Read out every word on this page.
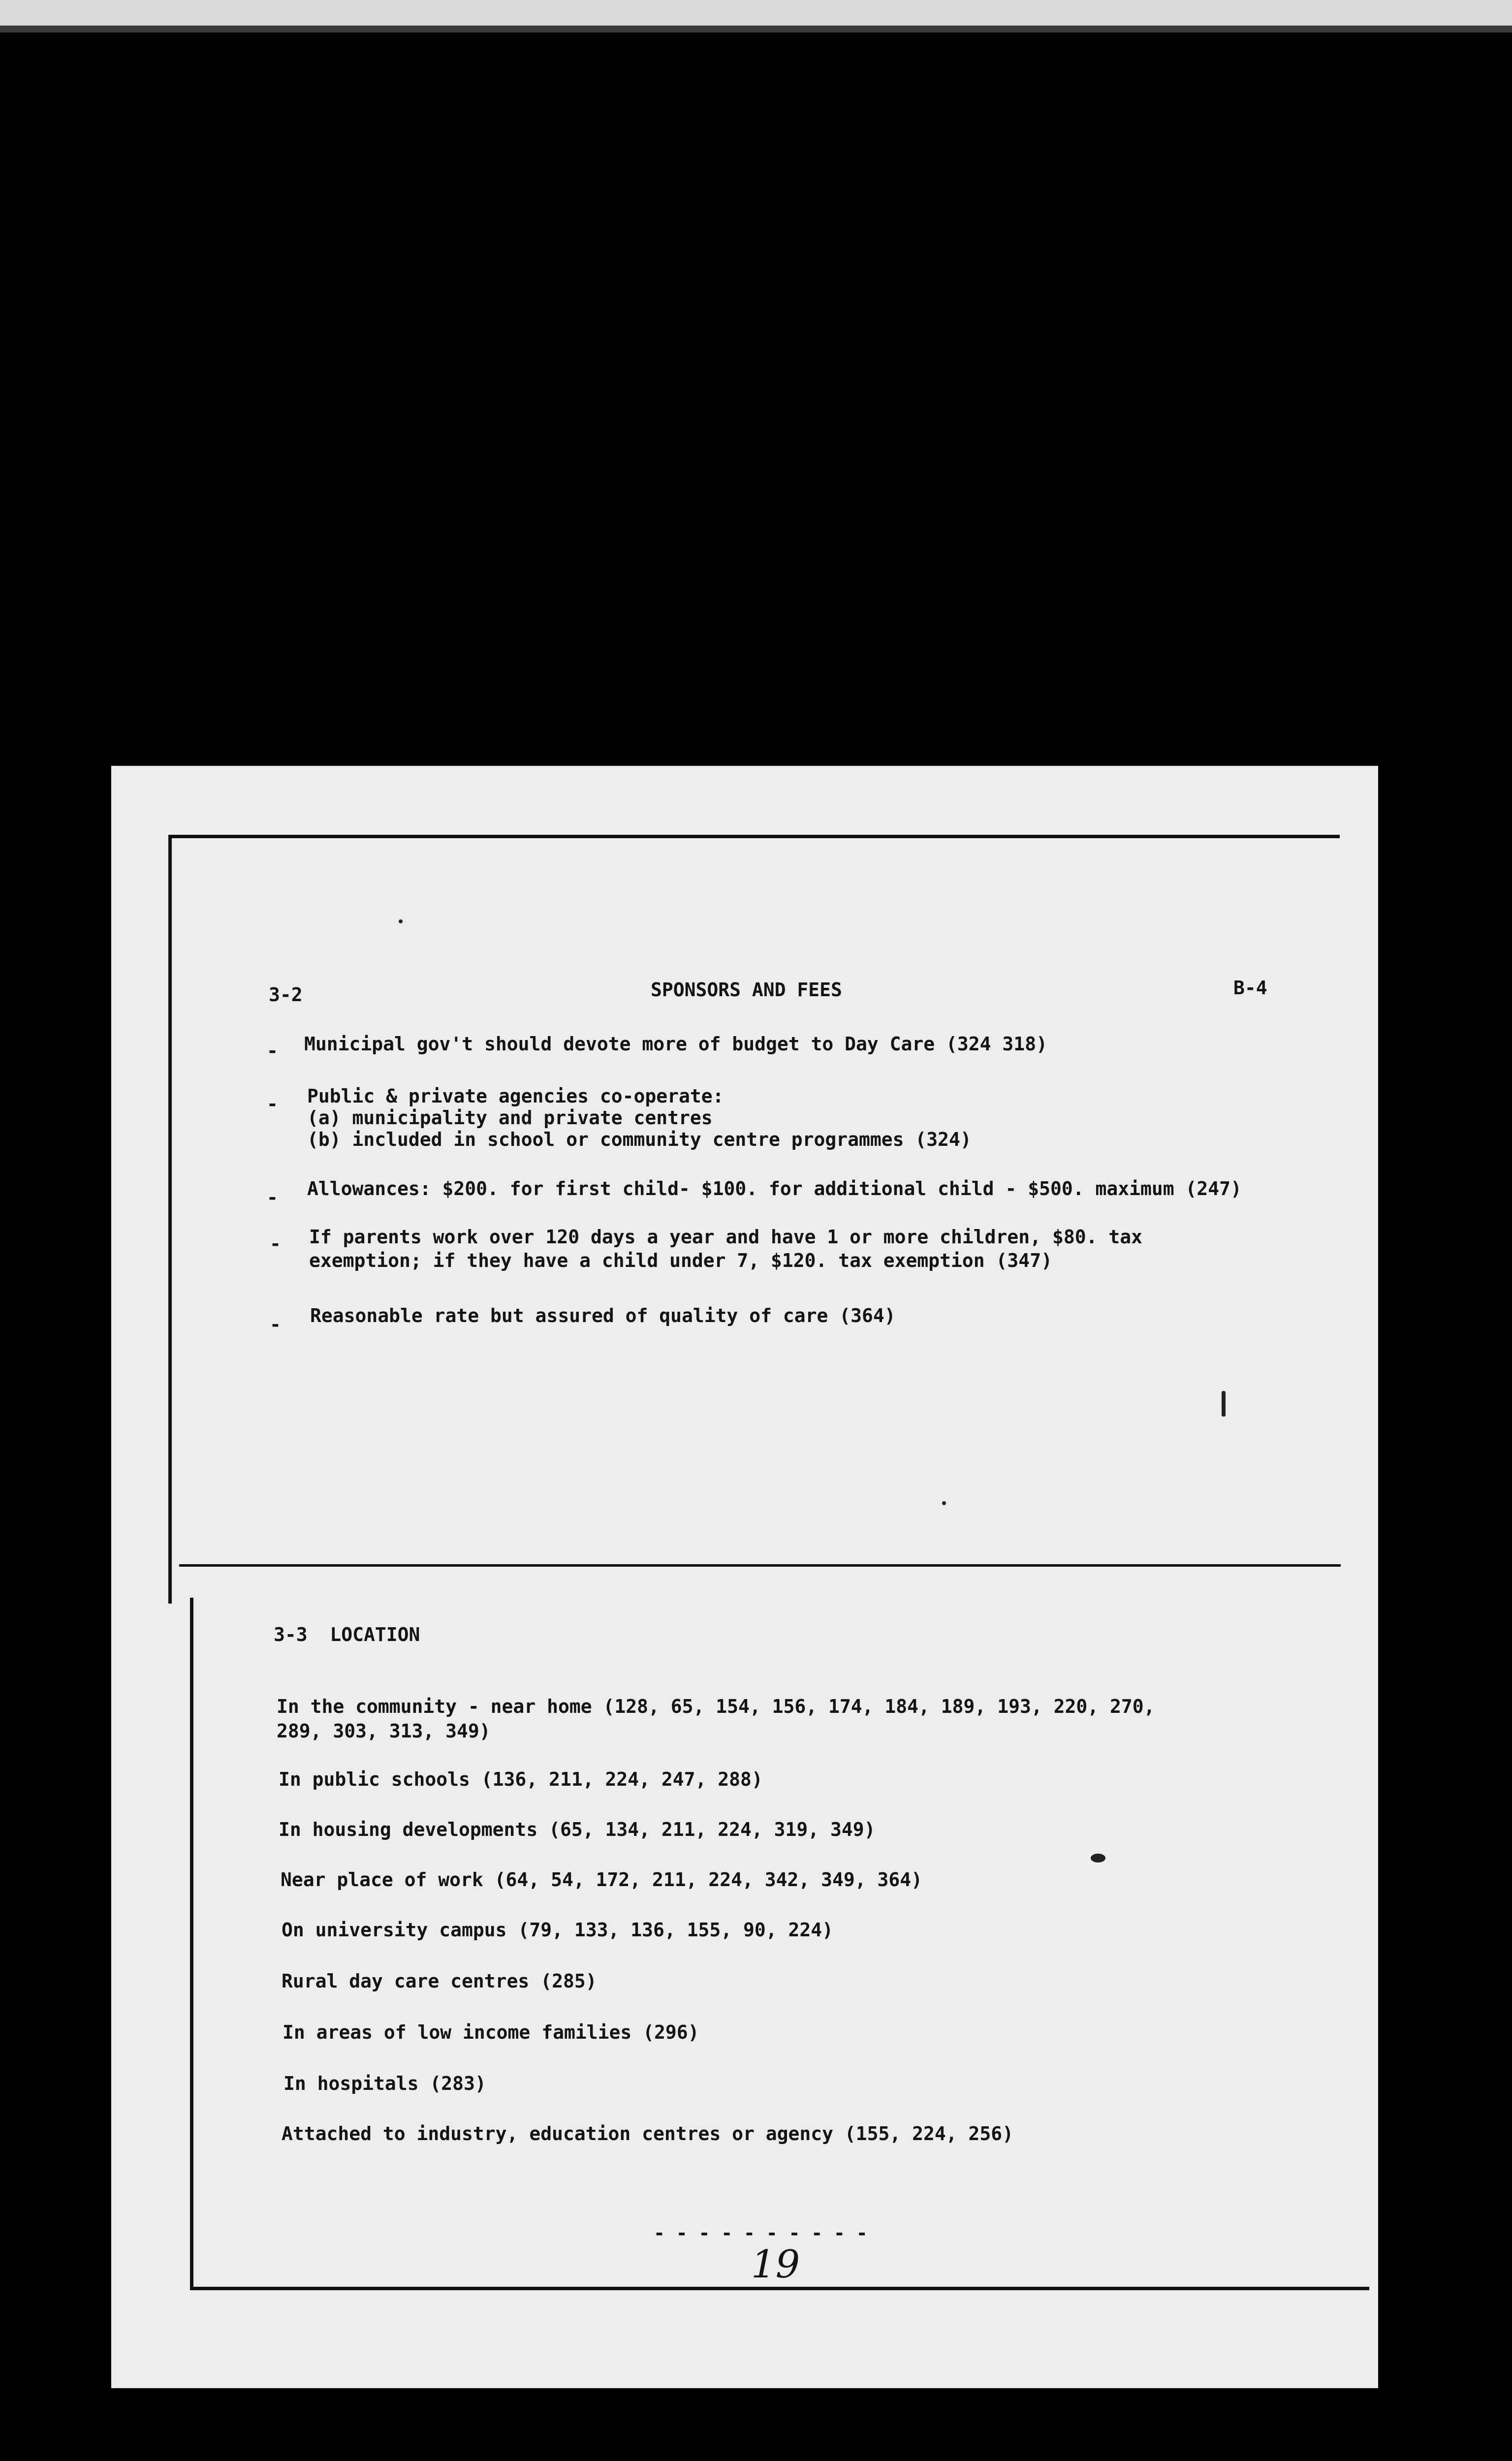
3-2	SPONSORS AND FEES	B-4
- Municipal gov't should devote more of budget to Day Care (324 318)
- Public & private agencies co-operate:
(a) municipality and private centres
(b) included in school or community centre programmes (324)
- Allowances: $200. for first child- $100. for additional child - $500. maximum (247)
- If parents work over 120 days a year and have 1 or more children, $80. tax
exemption; if they have a child under 7, $120. tax exemption (347)
- Reasonable rate but assured of quality of care (364)
3-3  LOCATION
In the community - near home (128, 65, 154, 156, 174, 184, 189, 193, 220, 270,
289, 303, 313, 349)
In public schools (136, 211, 224, 247, 288)
In housing developments (65, 134, 211, 224, 319, 349)
Near place of work (64, 54, 172, 211, 224, 342, 349, 364)
On university campus (79, 133, 136, 155, 90, 224)
Rural day care centres (285)
In areas of low income families (296)
In hospitals (283)
Attached to industry, education centres or agency (155, 224, 256)
- - - - - - - - - -
19
